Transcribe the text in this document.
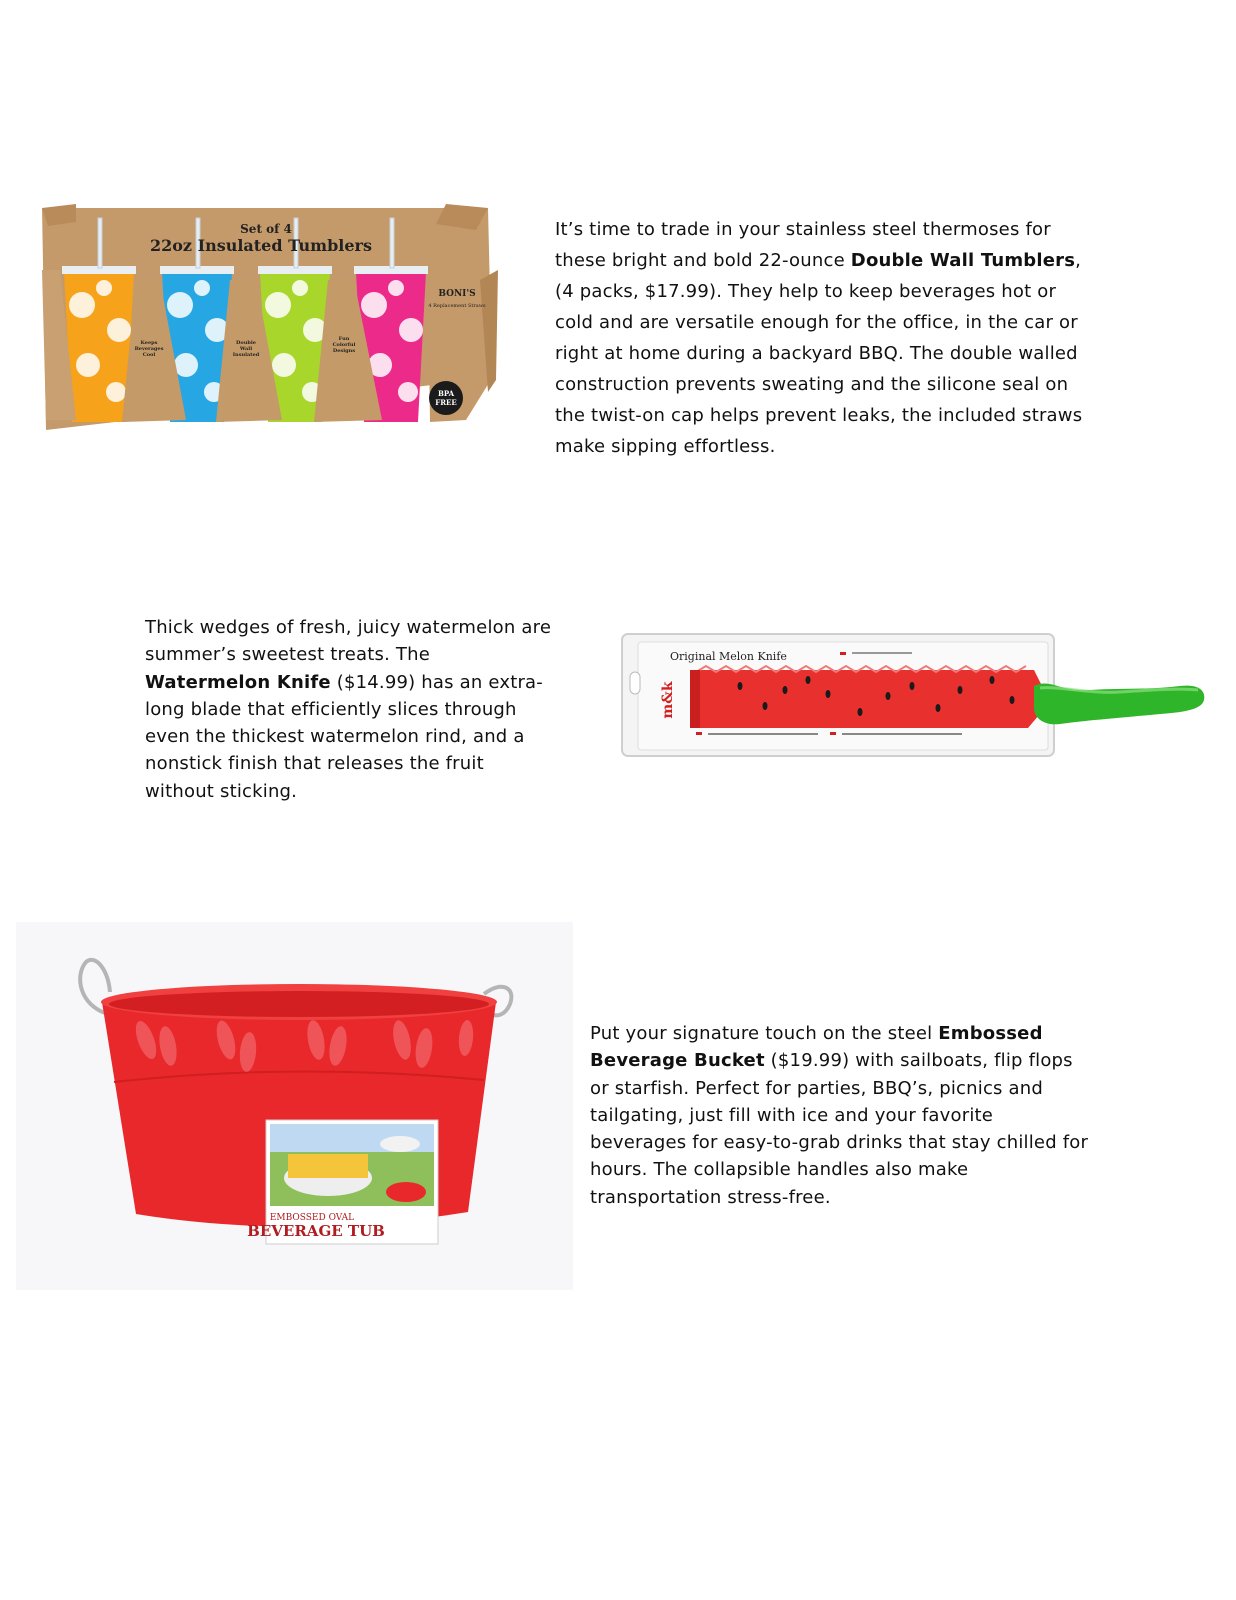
It’s time to trade in your stainless steel thermoses for these bright and bold 22-ounce Double Wall Tumblers, (4 packs, $17.99). They help to keep beverages hot or cold and are versatile enough for the office, in the car or right at home during a backyard BBQ. The double walled construction prevents sweating and the silicone seal on the twist-on cap helps prevent leaks, the included straws make sipping effortless.

Thick wedges of fresh, juicy watermelon are summer’s sweetest treats. The Watermelon Knife ($14.99) has an extra-long blade that efficiently slices through even the thickest watermelon rind, and a nonstick finish that releases the fruit without sticking.

Put your signature touch on the steel Embossed Beverage Bucket ($19.99) with sailboats, flip flops or starfish. Perfect for parties, BBQ’s, picnics and tailgating, just fill with ice and your favorite beverages for easy-to-grab drinks that stay chilled for hours. The collapsible handles also make transportation stress-free.

Set of 4
22oz Insulated Tumblers
BONI'S
4 Replacement Straws
Keeps
Beverages
Cool
Double
Wall
Insulated
Fun
Colorful
Designs
BPA
FREE
Original Melon Knife
m&k
EMBOSSED OVAL
BEVERAGE TUB
